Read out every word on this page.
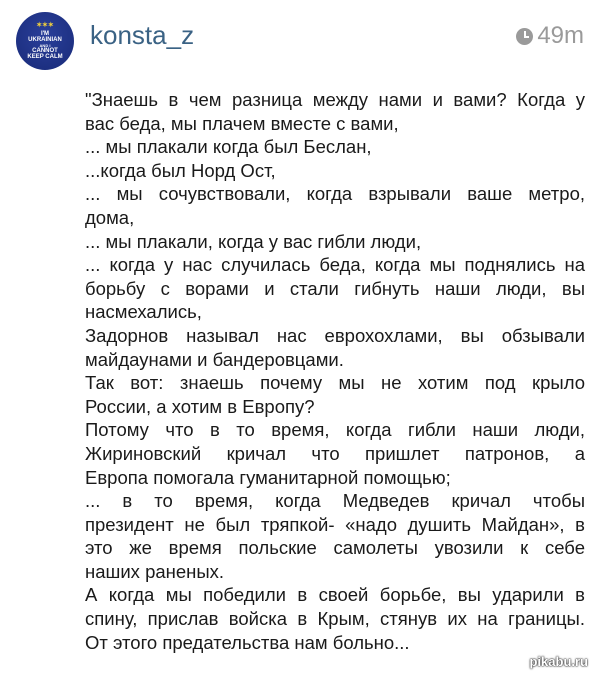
✶✶✶
I'M
UKRAINIAN
AND I
CANNOT
KEEP CALM
konsta_z	49m
"Знаешь в чем разница между нами и вами? Когда у
вас беда, мы плачем вместе с вами,
... мы плакали когда был Беслан,
...когда был Норд Ост,
... мы сочувствовали, когда взрывали ваше метро,
дома,
... мы плакали, когда у вас гибли люди,
... когда у нас случилась беда, когда мы поднялись на
борьбу с ворами и стали гибнуть наши люди, вы
насмехались,
Задорнов называл нас еврохохлами, вы обзывали
майдаунами и бандеровцами.
Так вот: знаешь почему мы не хотим под крыло
России, а хотим в Европу?
Потому что в то время, когда гибли наши люди,
Жириновский кричал что пришлет патронов, а
Европа помогала гуманитарной помощью;
... в то время, когда Медведев кричал чтобы
президент не был тряпкой- «надо душить Майдан», в
это же время польские самолеты увозили к себе
наших раненых.
А когда мы победили в своей борьбе, вы ударили в
спину, прислав войска в Крым, стянув их на границы.
От этого предательства нам больно...
pikabu.ru
